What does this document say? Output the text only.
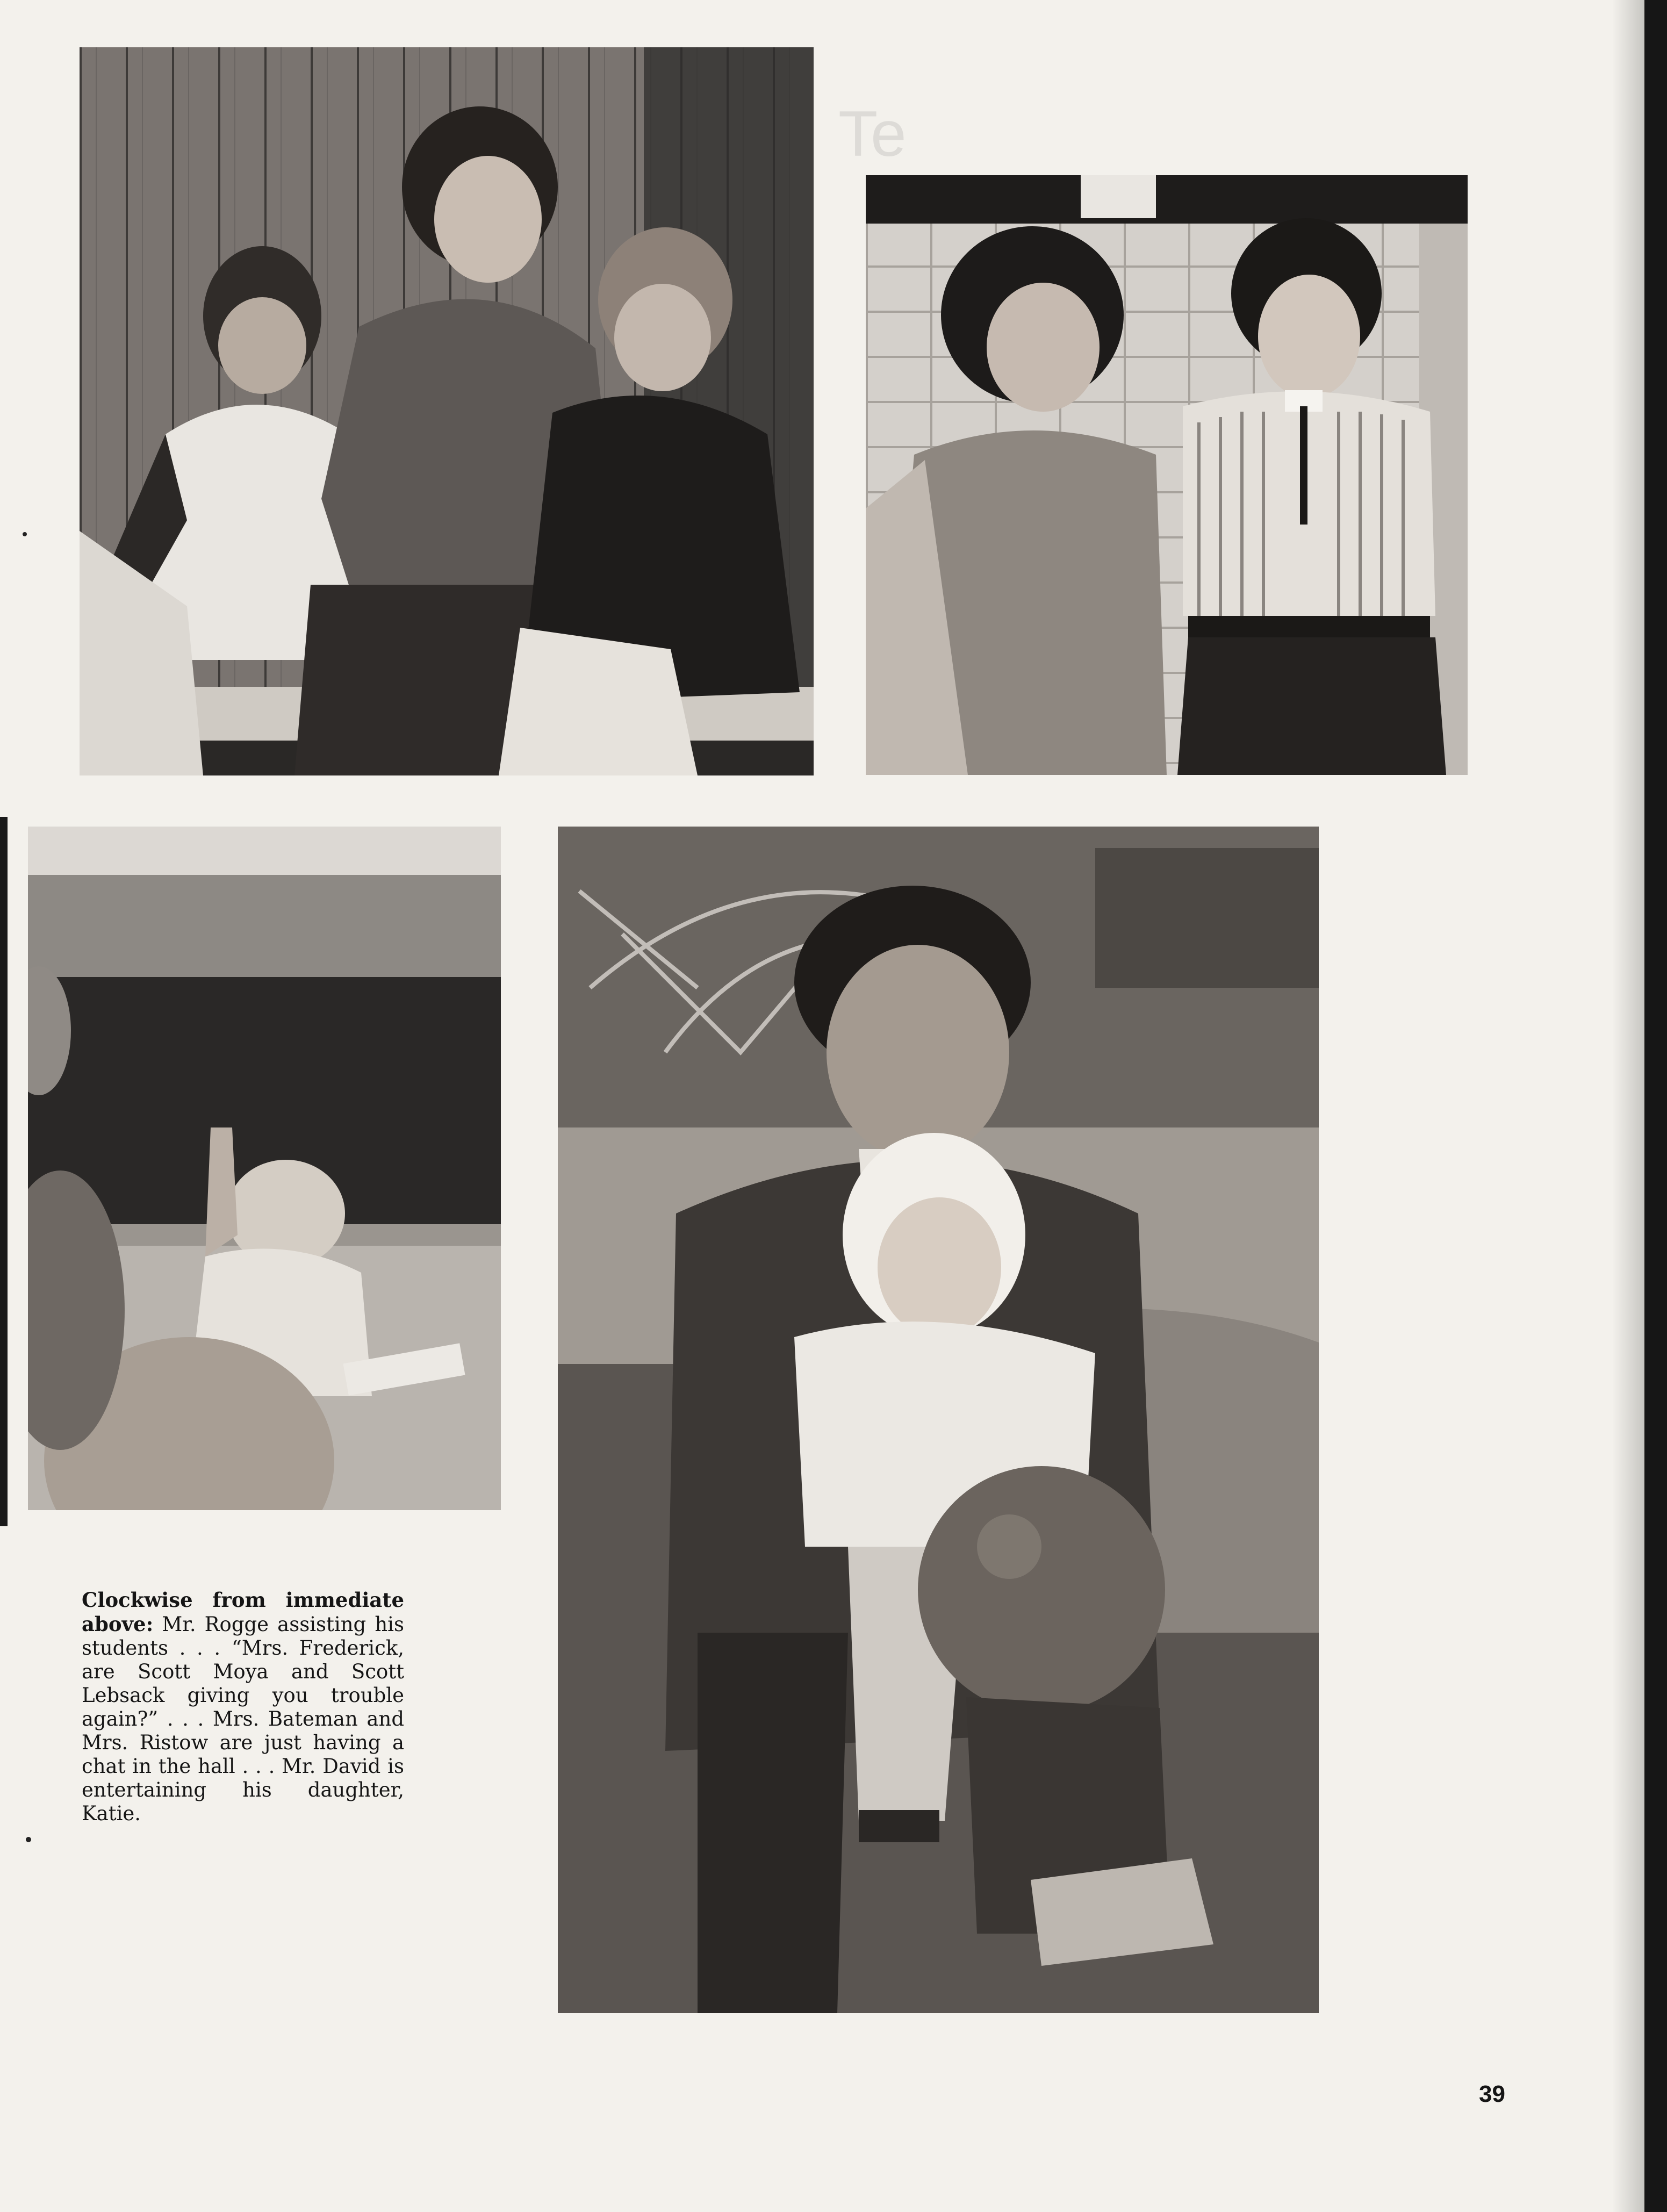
Te

Clockwise from immediate above: Mr. Rogge assisting his students . . . “Mrs. Frederick, are Scott Moya and Scott Lebsack giving you trouble again?” . . . Mrs. Bateman and Mrs. Ristow are just having a chat in the hall . . . Mr. David is entertaining his daughter, Katie.

39
